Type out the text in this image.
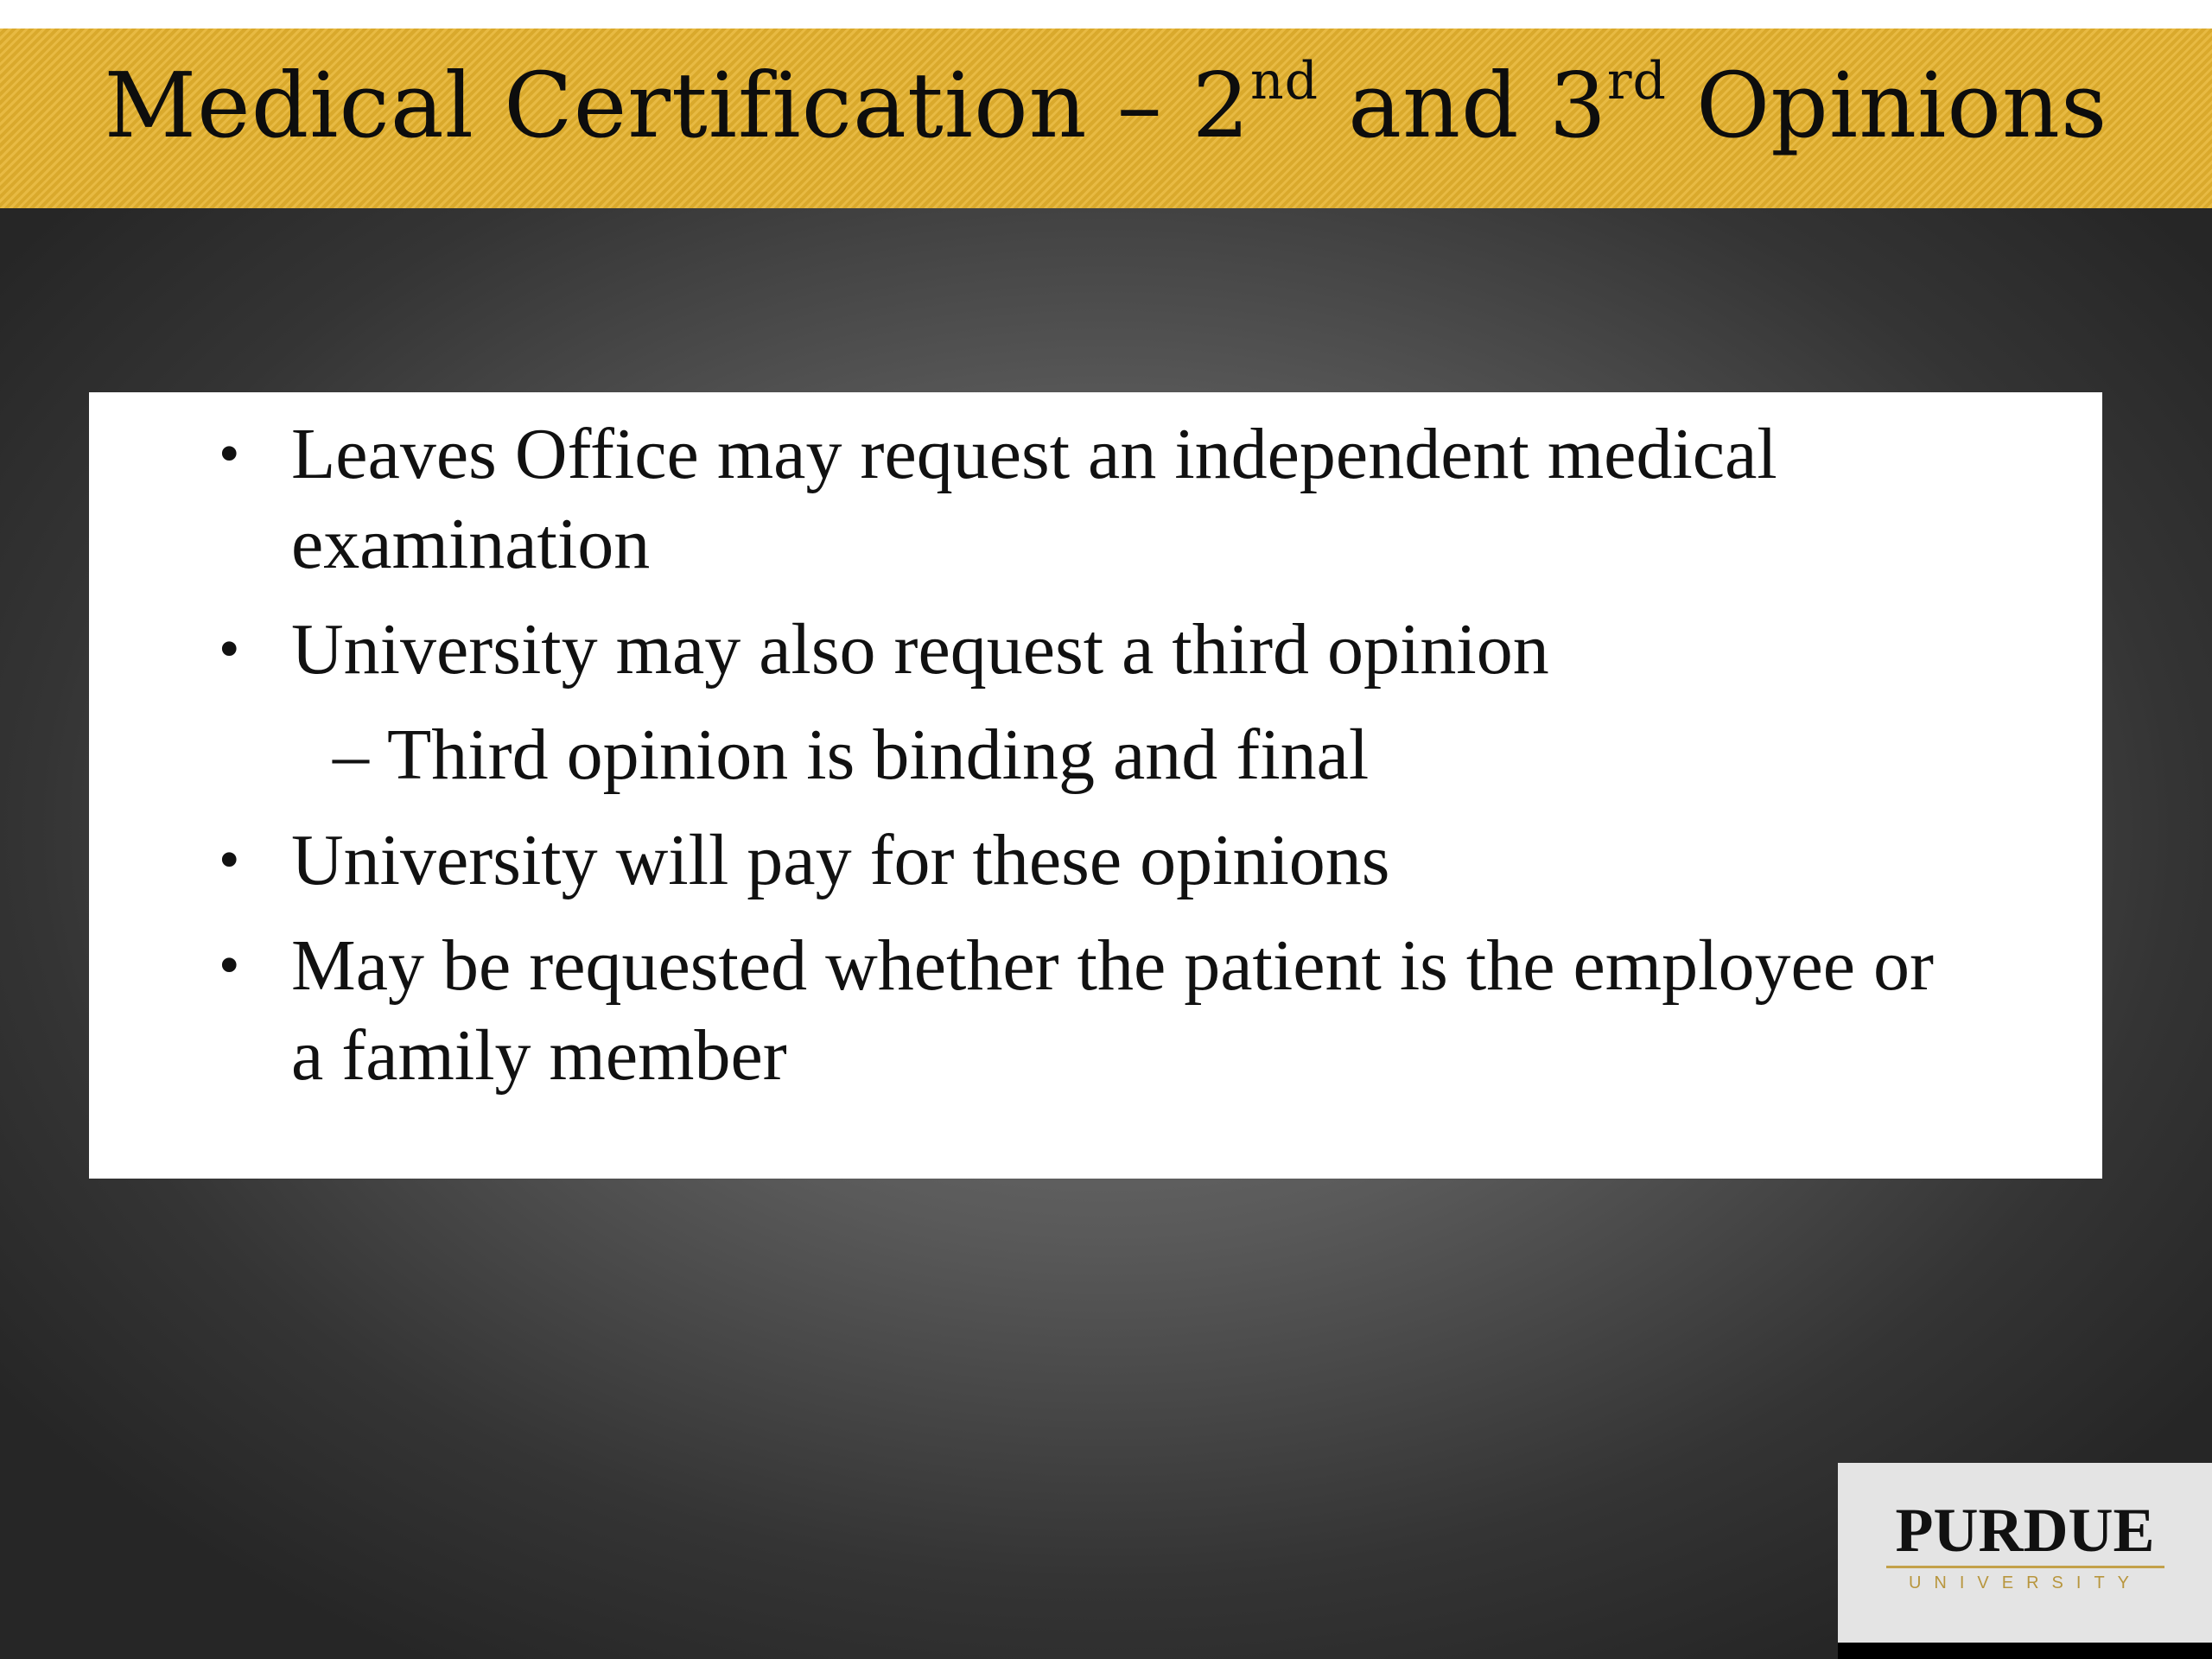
Medical Certification – 2nd and 3rd Opinions
• Leaves Office may request an independent medical
examination
• University may also request a third opinion
– Third opinion is binding and final
• University will pay for these opinions
• May be requested whether the patient is the employee or
a family member
PURDUE
UNIVERSITY
